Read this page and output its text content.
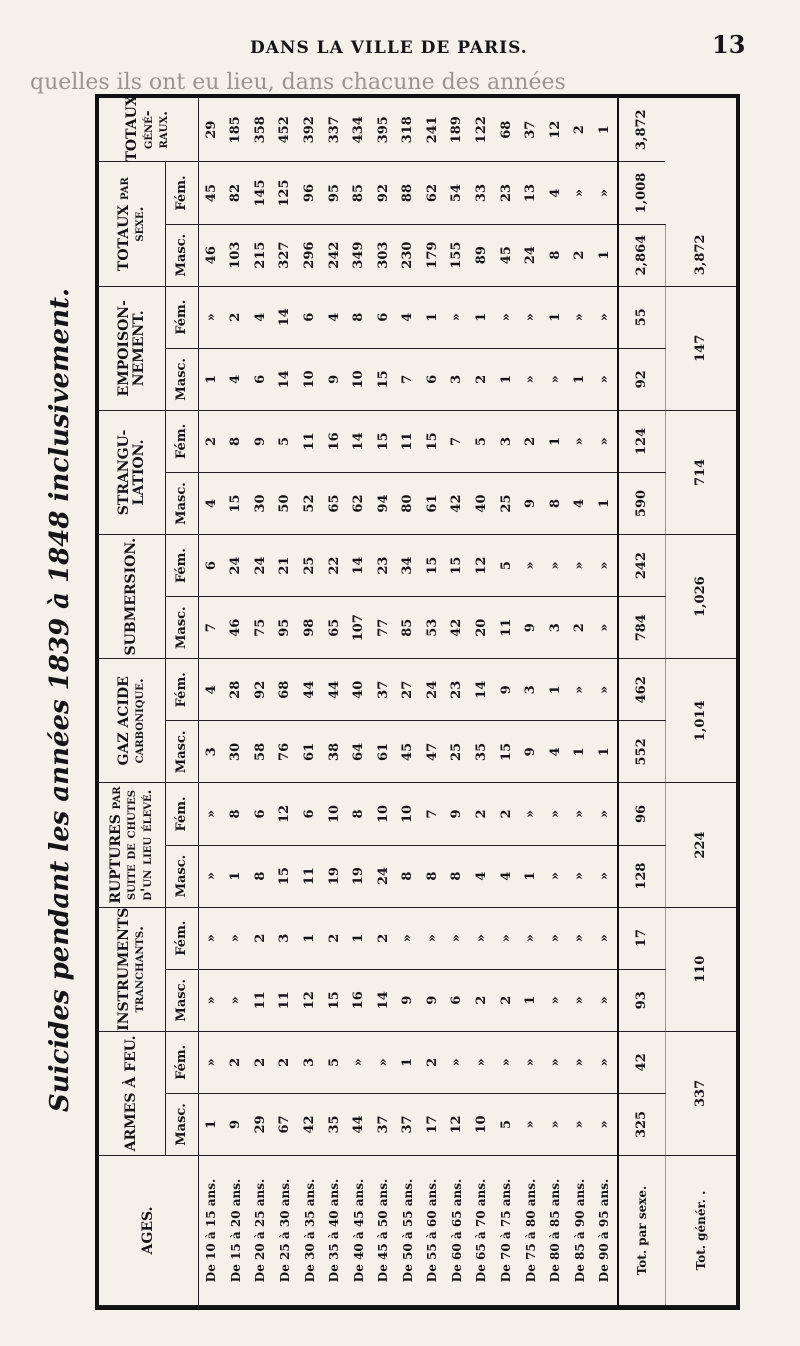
DANS LA VILLE DE PARIS.	13
quelles ils ont eu lieu, dans chacune des années
Suicides pendant les années 1839 à 1848 inclusivement.
AGES.	ARMES À FEU.		INSTRUMENTS tranchants.		RUPTURES par suite de chutes d'un lieu élevé.		GAZ ACIDE carbonique.		SUBMERSION.		STRANGU- LATION.		EMPOISON- NEMENT.		TOTAUX par sexe.		TOTAUX géné- raux.
	Masc.	Fém.	Masc.	Fém.	Masc.	Fém.	Masc.	Fém.	Masc.	Fém.	Masc.	Fém.	Masc.	Fém.	Masc.	Fém.	
De 10 à 15 ans.	1	»	»	»	»	»	3	4	7	6	4	2	1	»	46	45	29
De 15 à 20 ans.	9	2	»	»	1	8	30	28	46	24	15	8	4	2	103	82	185
De 20 à 25 ans.	29	2	11	2	8	6	58	92	75	24	30	9	6	4	215	145	358
De 25 à 30 ans.	67	2	11	3	15	12	76	68	95	21	50	5	14	14	327	125	452
De 30 à 35 ans.	42	3	12	1	11	6	61	44	98	25	52	11	10	6	296	96	392
De 35 à 40 ans.	35	5	15	2	19	10	38	44	65	22	65	16	9	4	242	95	337
De 40 à 45 ans.	44	»	16	1	19	8	64	40	107	14	62	14	10	8	349	85	434
De 45 à 50 ans.	37	»	14	2	24	10	61	37	77	23	94	15	15	6	303	92	395
De 50 à 55 ans.	37	1	9	»	8	10	45	27	85	34	80	11	7	4	230	88	318
De 55 à 60 ans.	17	2	9	»	8	7	47	24	53	15	61	15	6	1	179	62	241
De 60 à 65 ans.	12	»	6	»	8	9	25	23	42	15	42	7	3	»	155	54	189
De 65 à 70 ans.	10	»	2	»	4	2	35	14	20	12	40	5	2	1	89	33	122
De 70 à 75 ans.	5	»	2	»	4	2	15	9	11	5	25	3	1	»	45	23	68
De 75 à 80 ans.	»	»	1	»	1	»	9	3	9	»	9	2	»	»	24	13	37
De 80 à 85 ans.	»	»	»	»	»	»	4	1	3	»	8	1	»	1	8	4	12
De 85 à 90 ans.	»	»	»	»	»	»	1	»	2	»	4	»	1	»	2	»	2
De 90 à 95 ans.	»	»	»	»	»	»	1	»	»	»	1	»	»	»	1	»	1
Tot. par sexe.	325	42	93	17	128	96	552	462	784	242	590	124	92	55	2,864	1,008	3,872
Tot. génér. .	337		110		224		1,014		1,026		714		147		3,872		
